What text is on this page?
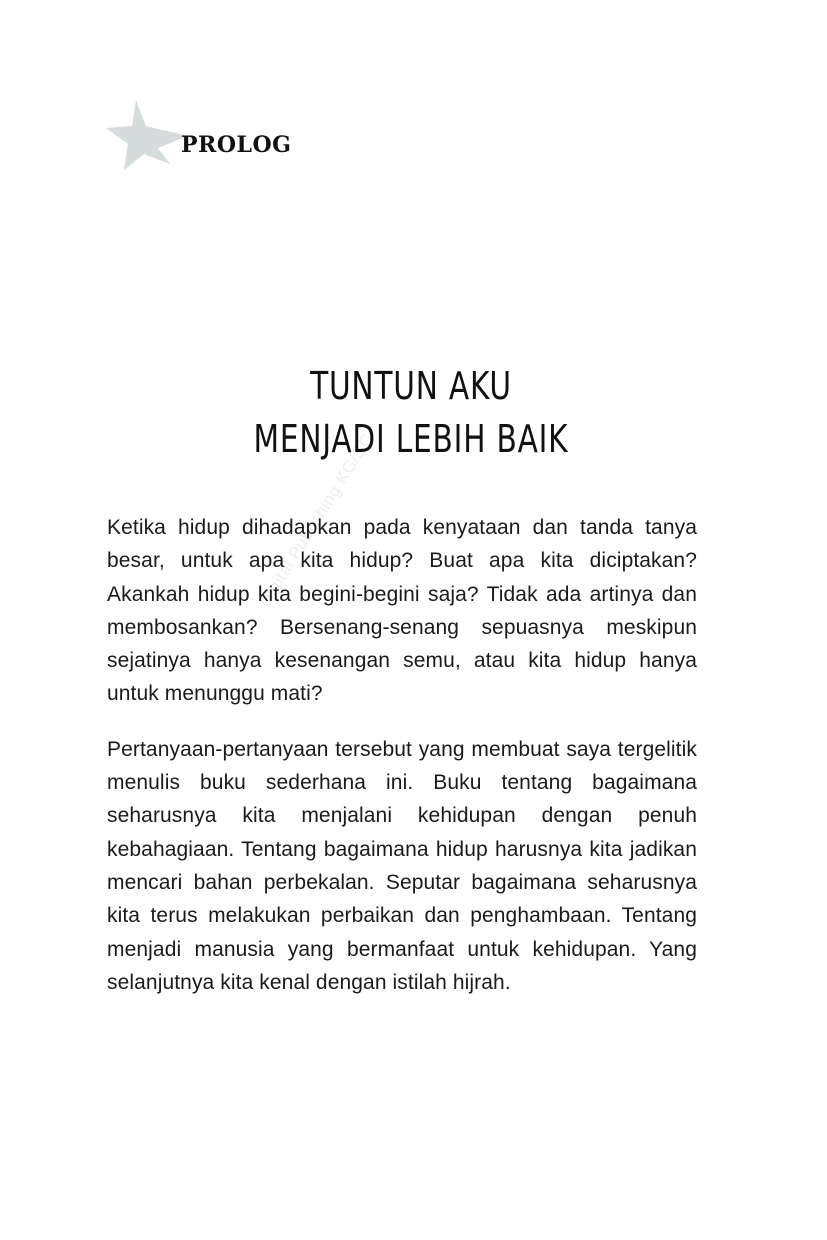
PROLOG
TUNTUN AKU
MENJADI LEBIH BAIK
Digital Publishing KG/SC

Ketika hidup dihadapkan pada kenyataan dan tanda tanya besar, untuk apa kita hidup? Buat apa kita diciptakan? Akankah hidup kita begini-begini saja? Tidak ada artinya dan membosankan? Bersenang-senang sepuasnya meskipun sejatinya hanya kesenangan semu, atau kita hidup hanya untuk menunggu mati?

Pertanyaan-pertanyaan tersebut yang membuat saya tergelitik menulis buku sederhana ini. Buku tentang bagaimana seharusnya kita menjalani kehidupan dengan penuh kebahagiaan. Tentang bagaimana hidup harusnya kita jadikan mencari bahan perbekalan. Seputar bagaimana seharusnya kita terus melakukan perbaikan dan penghambaan. Tentang menjadi manusia yang bermanfaat untuk kehidupan. Yang selanjutnya kita kenal dengan istilah hijrah.
